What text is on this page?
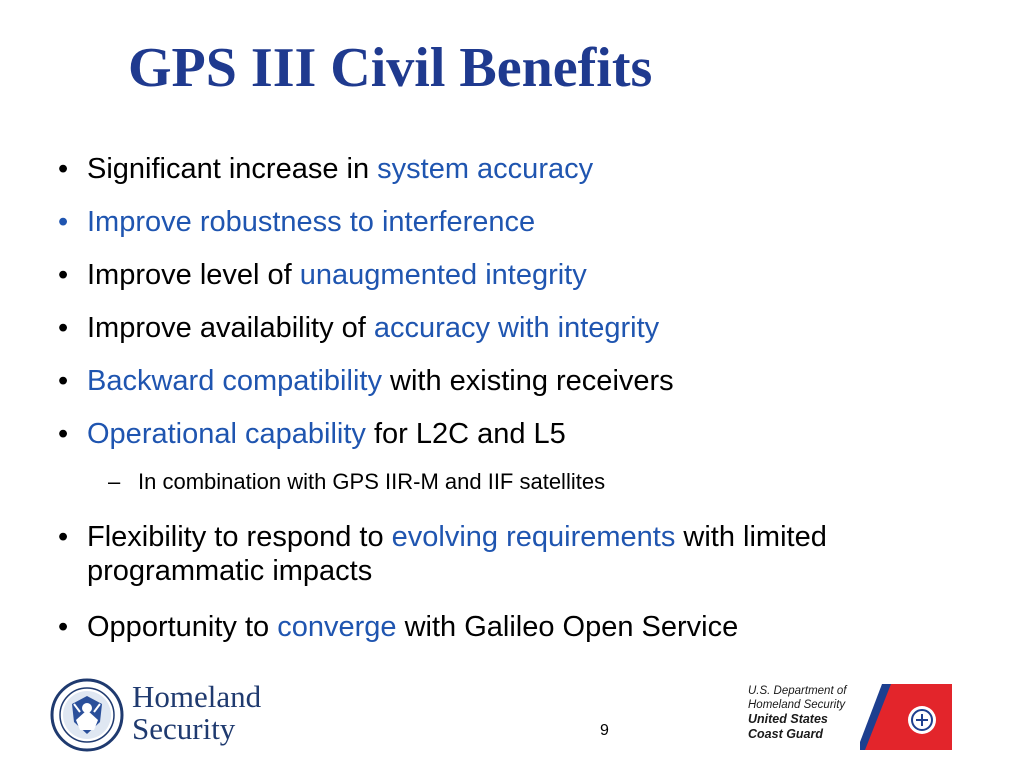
GPS III Civil Benefits
• Significant increase in system accuracy
• Improve robustness to interference
• Improve level of unaugmented integrity
• Improve availability of accuracy with integrity
• Backward compatibility with existing receivers
• Operational capability for L2C and L5
• Flexibility to respond to evolving requirements with limited programmatic impacts
• Opportunity to converge with Galileo Open Service
– In combination with GPS IIR-M and IIF satellites
Homeland
Security	9
U.S. Department of
Homeland Security
United States
Coast Guard
